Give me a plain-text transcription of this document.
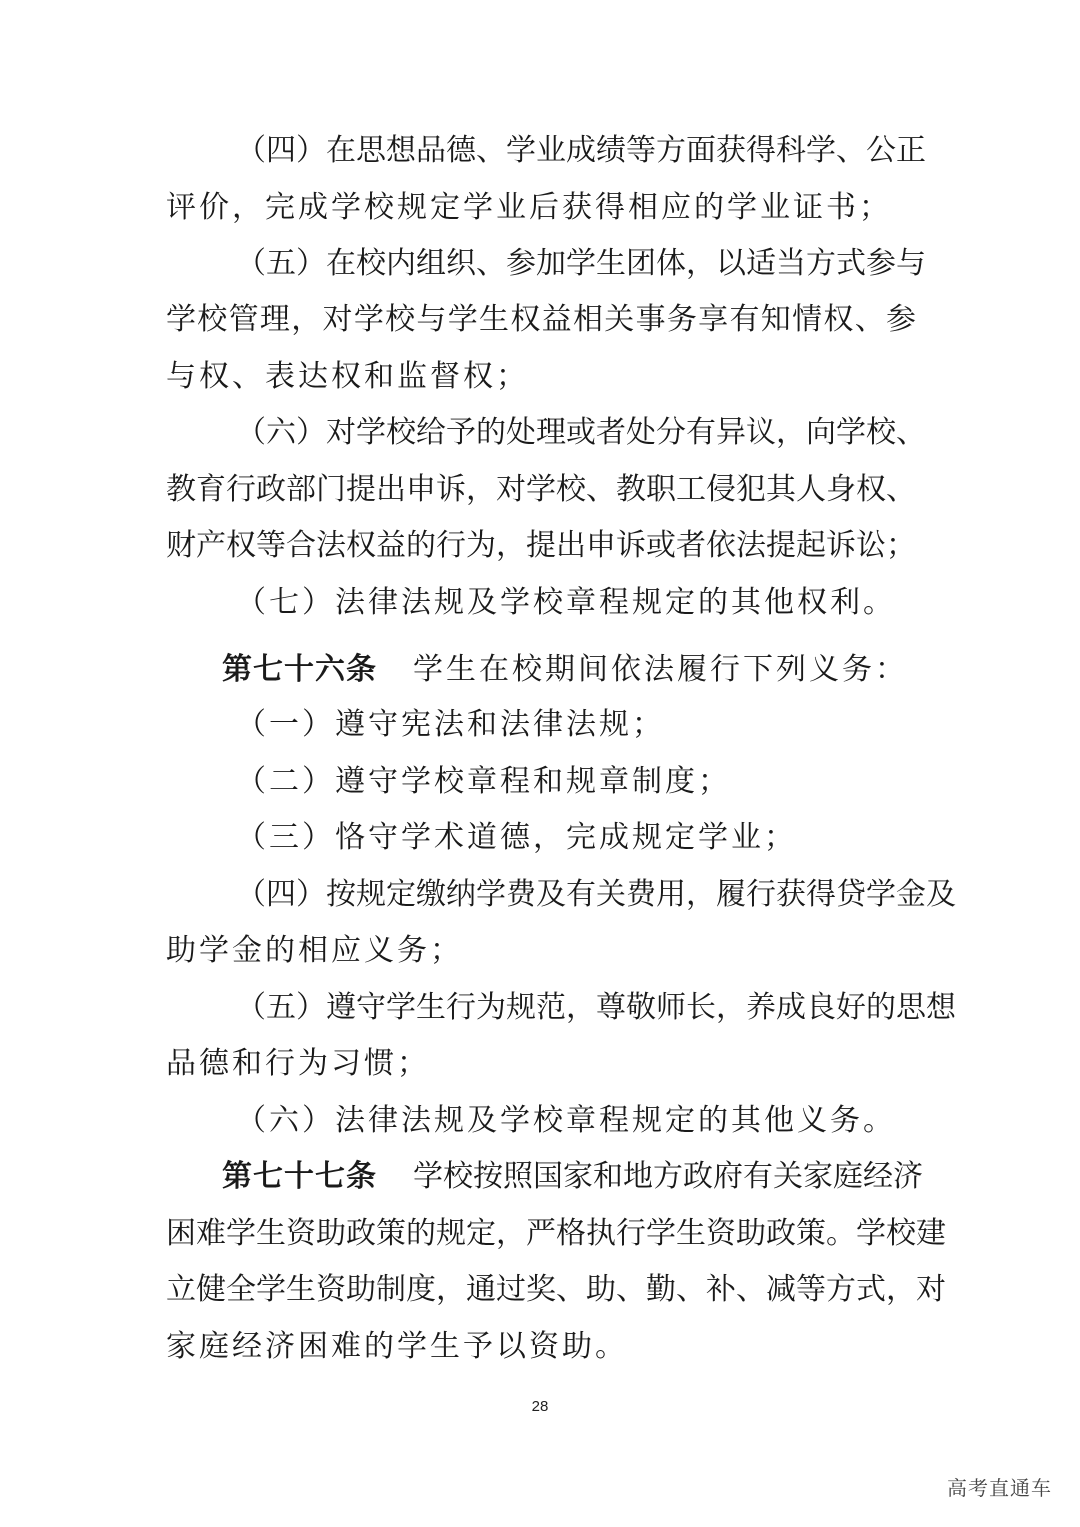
（四）在思想品德、学业成绩等方面获得科学、公正
评价，完成学校规定学业后获得相应的学业证书；
（五）在校内组织、参加学生团体，以适当方式参与
学校管理，对学校与学生权益相关事务享有知情权、参
与权、表达权和监督权；
（六）对学校给予的处理或者处分有异议，向学校、
教育行政部门提出申诉，对学校、教职工侵犯其人身权、
财产权等合法权益的行为，提出申诉或者依法提起诉讼；
（七）法律法规及学校章程规定的其他权利。
第七十六条 学生在校期间依法履行下列义务：
（一）遵守宪法和法律法规；
（二）遵守学校章程和规章制度；
（三）恪守学术道德，完成规定学业；
（四）按规定缴纳学费及有关费用，履行获得贷学金及
助学金的相应义务；
（五）遵守学生行为规范，尊敬师长，养成良好的思想
品德和行为习惯；
（六）法律法规及学校章程规定的其他义务。
第七十七条 学校按照国家和地方政府有关家庭经济
困难学生资助政策的规定，严格执行学生资助政策。学校建
立健全学生资助制度，通过奖、助、勤、补、减等方式，对
家庭经济困难的学生予以资助。
28
高考直通车
